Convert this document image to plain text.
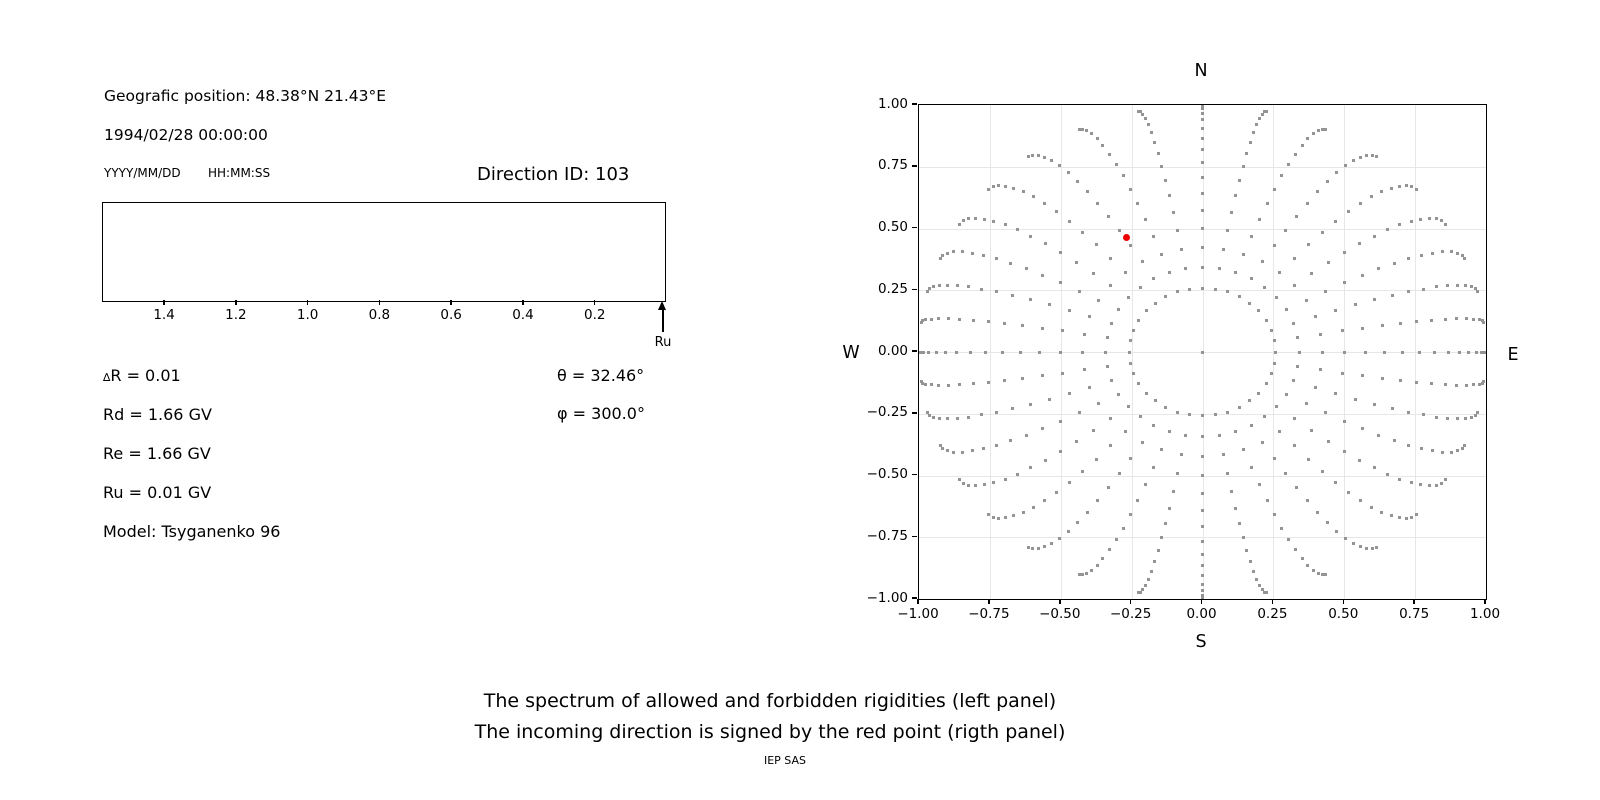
Geografic position: 48.38°N 21.43°E
1994/02/28 00:00:00
YYYY/MM/DD HH:MM:SS	Direction ID: 103
1.4	1.2	1.0	0.8	0.6	0.4	0.2
Ru
∆R = 0.01
Rd = 1.66 GV
Re = 1.66 GV
Ru = 0.01 GV
Model: Tsyganenko 96
θ = 32.46°
φ = 300.0°
−1.00	−0.75	−0.50	−0.25	0.00	0.25	0.50	0.75	1.00
1.00
0.75
0.50
0.25
0.00
−0.25
−0.50
−0.75
−1.00
N
S
W	E
The spectrum of allowed and forbidden rigidities (left panel)
The incoming direction is signed by the red point (rigth panel)
IEP SAS
